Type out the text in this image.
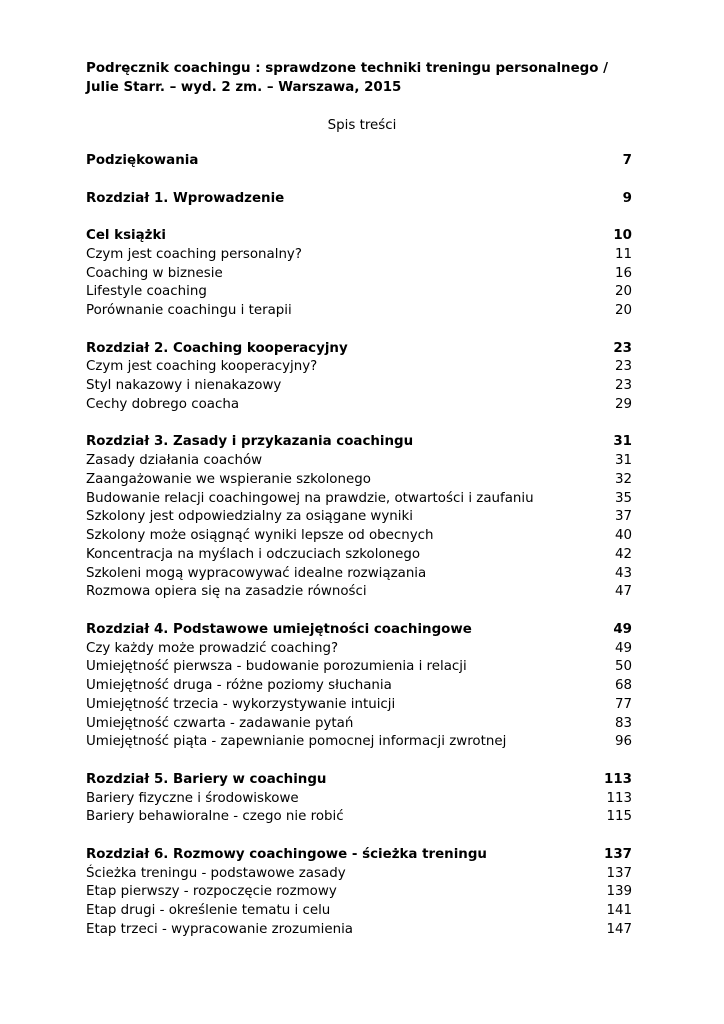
Podręcznik coachingu : sprawdzone techniki treningu personalnego /
Julie Starr. – wyd. 2 zm. – Warszawa, 2015
Spis treści
Podziękowania	7
Rozdział 1. Wprowadzenie	9
Cel książki	10
Czym jest coaching personalny?	11
Coaching w biznesie	16
Lifestyle coaching	20
Porównanie coachingu i terapii	20
Rozdział 2. Coaching kooperacyjny	23
Czym jest coaching kooperacyjny?	23
Styl nakazowy i nienakazowy	23
Cechy dobrego coacha	29
Rozdział 3. Zasady i przykazania coachingu	31
Zasady działania coachów	31
Zaangażowanie we wspieranie szkolonego	32
Budowanie relacji coachingowej na prawdzie, otwartości i zaufaniu	35
Szkolony jest odpowiedzialny za osiągane wyniki	37
Szkolony może osiągnąć wyniki lepsze od obecnych	40
Koncentracja na myślach i odczuciach szkolonego	42
Szkoleni mogą wypracowywać idealne rozwiązania	43
Rozmowa opiera się na zasadzie równości	47
Rozdział 4. Podstawowe umiejętności coachingowe	49
Czy każdy może prowadzić coaching?	49
Umiejętność pierwsza - budowanie porozumienia i relacji	50
Umiejętność druga - różne poziomy słuchania	68
Umiejętność trzecia - wykorzystywanie intuicji	77
Umiejętność czwarta - zadawanie pytań	83
Umiejętność piąta - zapewnianie pomocnej informacji zwrotnej	96
Rozdział 5. Bariery w coachingu	113
Bariery fizyczne i środowiskowe	113
Bariery behawioralne - czego nie robić	115
Rozdział 6. Rozmowy coachingowe - ścieżka treningu	137
Ścieżka treningu - podstawowe zasady	137
Etap pierwszy - rozpoczęcie rozmowy	139
Etap drugi - określenie tematu i celu	141
Etap trzeci - wypracowanie zrozumienia	147
